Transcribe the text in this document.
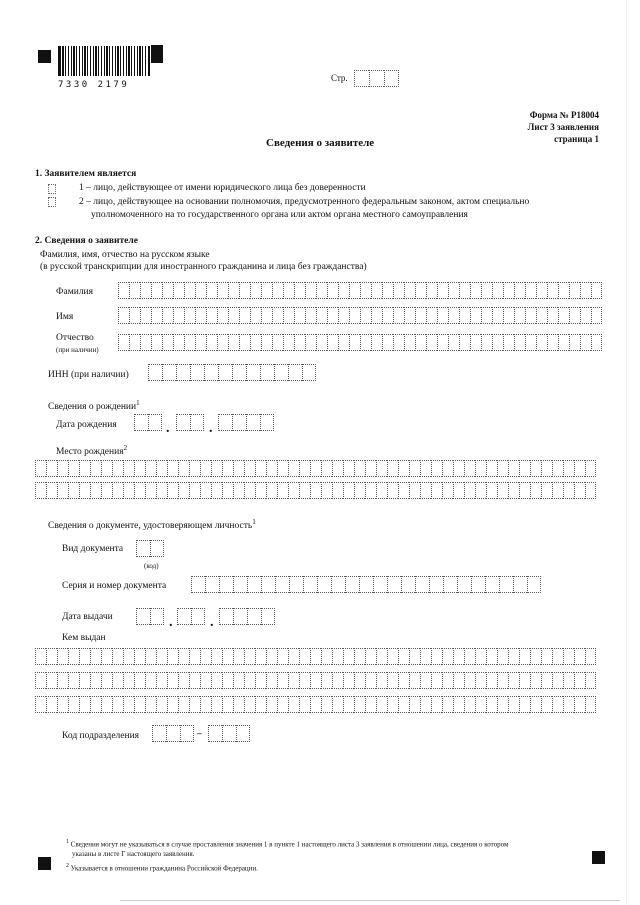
7330 2179
Стр.
Форма № Р18004
Лист 3 заявления
страница 1
Сведения о заявителе
1. Заявителем является
1 – лицо, действующее от имени юридического лица без доверенности
2 – лицо, действующее на основании полномочия, предусмотренного федеральным законом, актом специально
уполномоченного на то государственного органа или актом органа местного самоуправления
2. Сведения о заявителе
Фамилия, имя, отчество на русском языке
(в русской транскрипции для иностранного гражданина и лица без гражданства)
Фамилия
Имя
Отчество
(при наличии)
ИНН (при наличии)
Сведения о рождении$^1$
Дата рождения	.	.
Место рождения$^2$
Сведения о документе, удостоверяющем личность$^1$
Вид документа
(код)
Серия и номер документа
Дата выдачи	.	.
Кем выдан
Код подразделения	–
$^1$ Сведения могут не указываться в случае проставления значения 1 в пункте 1 настоящего листа 3 заявления в отношении лица, сведения о котором
указаны в листе Г настоящего заявления.
$^2$ Указывается в отношении гражданина Российской Федерации.
